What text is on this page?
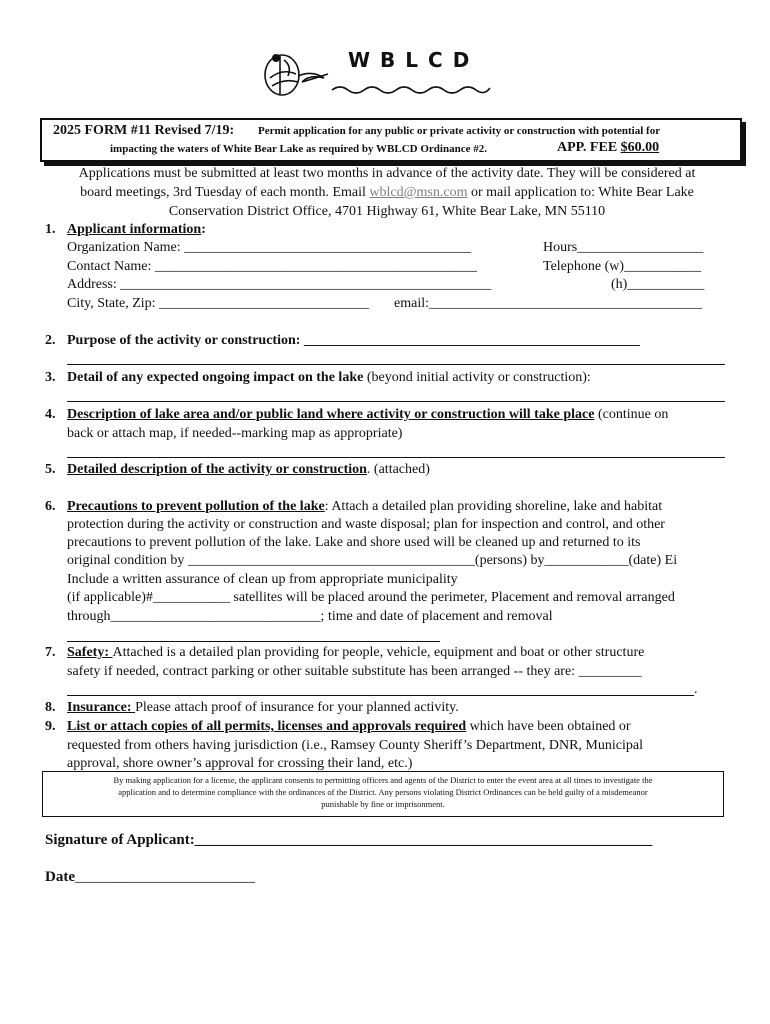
WBLCD
2025 FORM #11 Revised 7/19: Permit application for any public or private activity or construction with potential for
impacting the waters of White Bear Lake as required by WBLCD Ordinance #2.	APP. FEE $60.00
Applications must be submitted at least two months in advance of the activity date. They will be considered at
board meetings, 3rd Tuesday of each month. Email wblcd@msn.com or mail application to: White Bear Lake
Conservation District Office, 4701 Highway 61, White Bear Lake, MN 55110
1. Applicant information:
Organization Name: _________________________________________	Hours__________________
Contact Name: ______________________________________________	Telephone (w)___________
Address: _____________________________________________________	(h)___________
City, State, Zip: ______________________________ email:_______________________________________
2. Purpose of the activity or construction: ________________________________________________
3. Detail of any expected ongoing impact on the lake (beyond initial activity or construction):
4. Description of lake area and/or public land where activity or construction will take place (continue on
back or attach map, if needed--marking map as appropriate)
5. Detailed description of the activity or construction. (attached)
6. Precautions to prevent pollution of the lake: Attach a detailed plan providing shoreline, lake and habitat
protection during the activity or construction and waste disposal; plan for inspection and control, and other
precautions to prevent pollution of the lake. Lake and shore used will be cleaned up and returned to its
original condition by _________________________________________(persons) by____________(date) Ei
Include a written assurance of clean up from appropriate municipality
(if applicable)#___________ satellites will be placed around the perimeter, Placement and removal arranged
through______________________________; time and date of placement and removal
7. Safety: Attached is a detailed plan providing for people, vehicle, equipment and boat or other structure
safety if needed, contract parking or other suitable substitute has been arranged -- they are: _________
.
8. Insurance: Please attach proof of insurance for your planned activity.
9. List or attach copies of all permits, licenses and approvals required which have been obtained or
requested from others having jurisdiction (i.e., Ramsey County Sheriff’s Department, DNR, Municipal
approval, shore owner’s approval for crossing their land, etc.)
By making application for a license, the applicant consents to permitting officers and agents of the District to enter the event area at all times to investigate the
application and to determine compliance with the ordinances of the District. Any persons violating District Ordinances can be held guilty of a misdemeanor
punishable by fine or imprisonment.
Signature of Applicant:_____________________________________________________________
Date________________________
